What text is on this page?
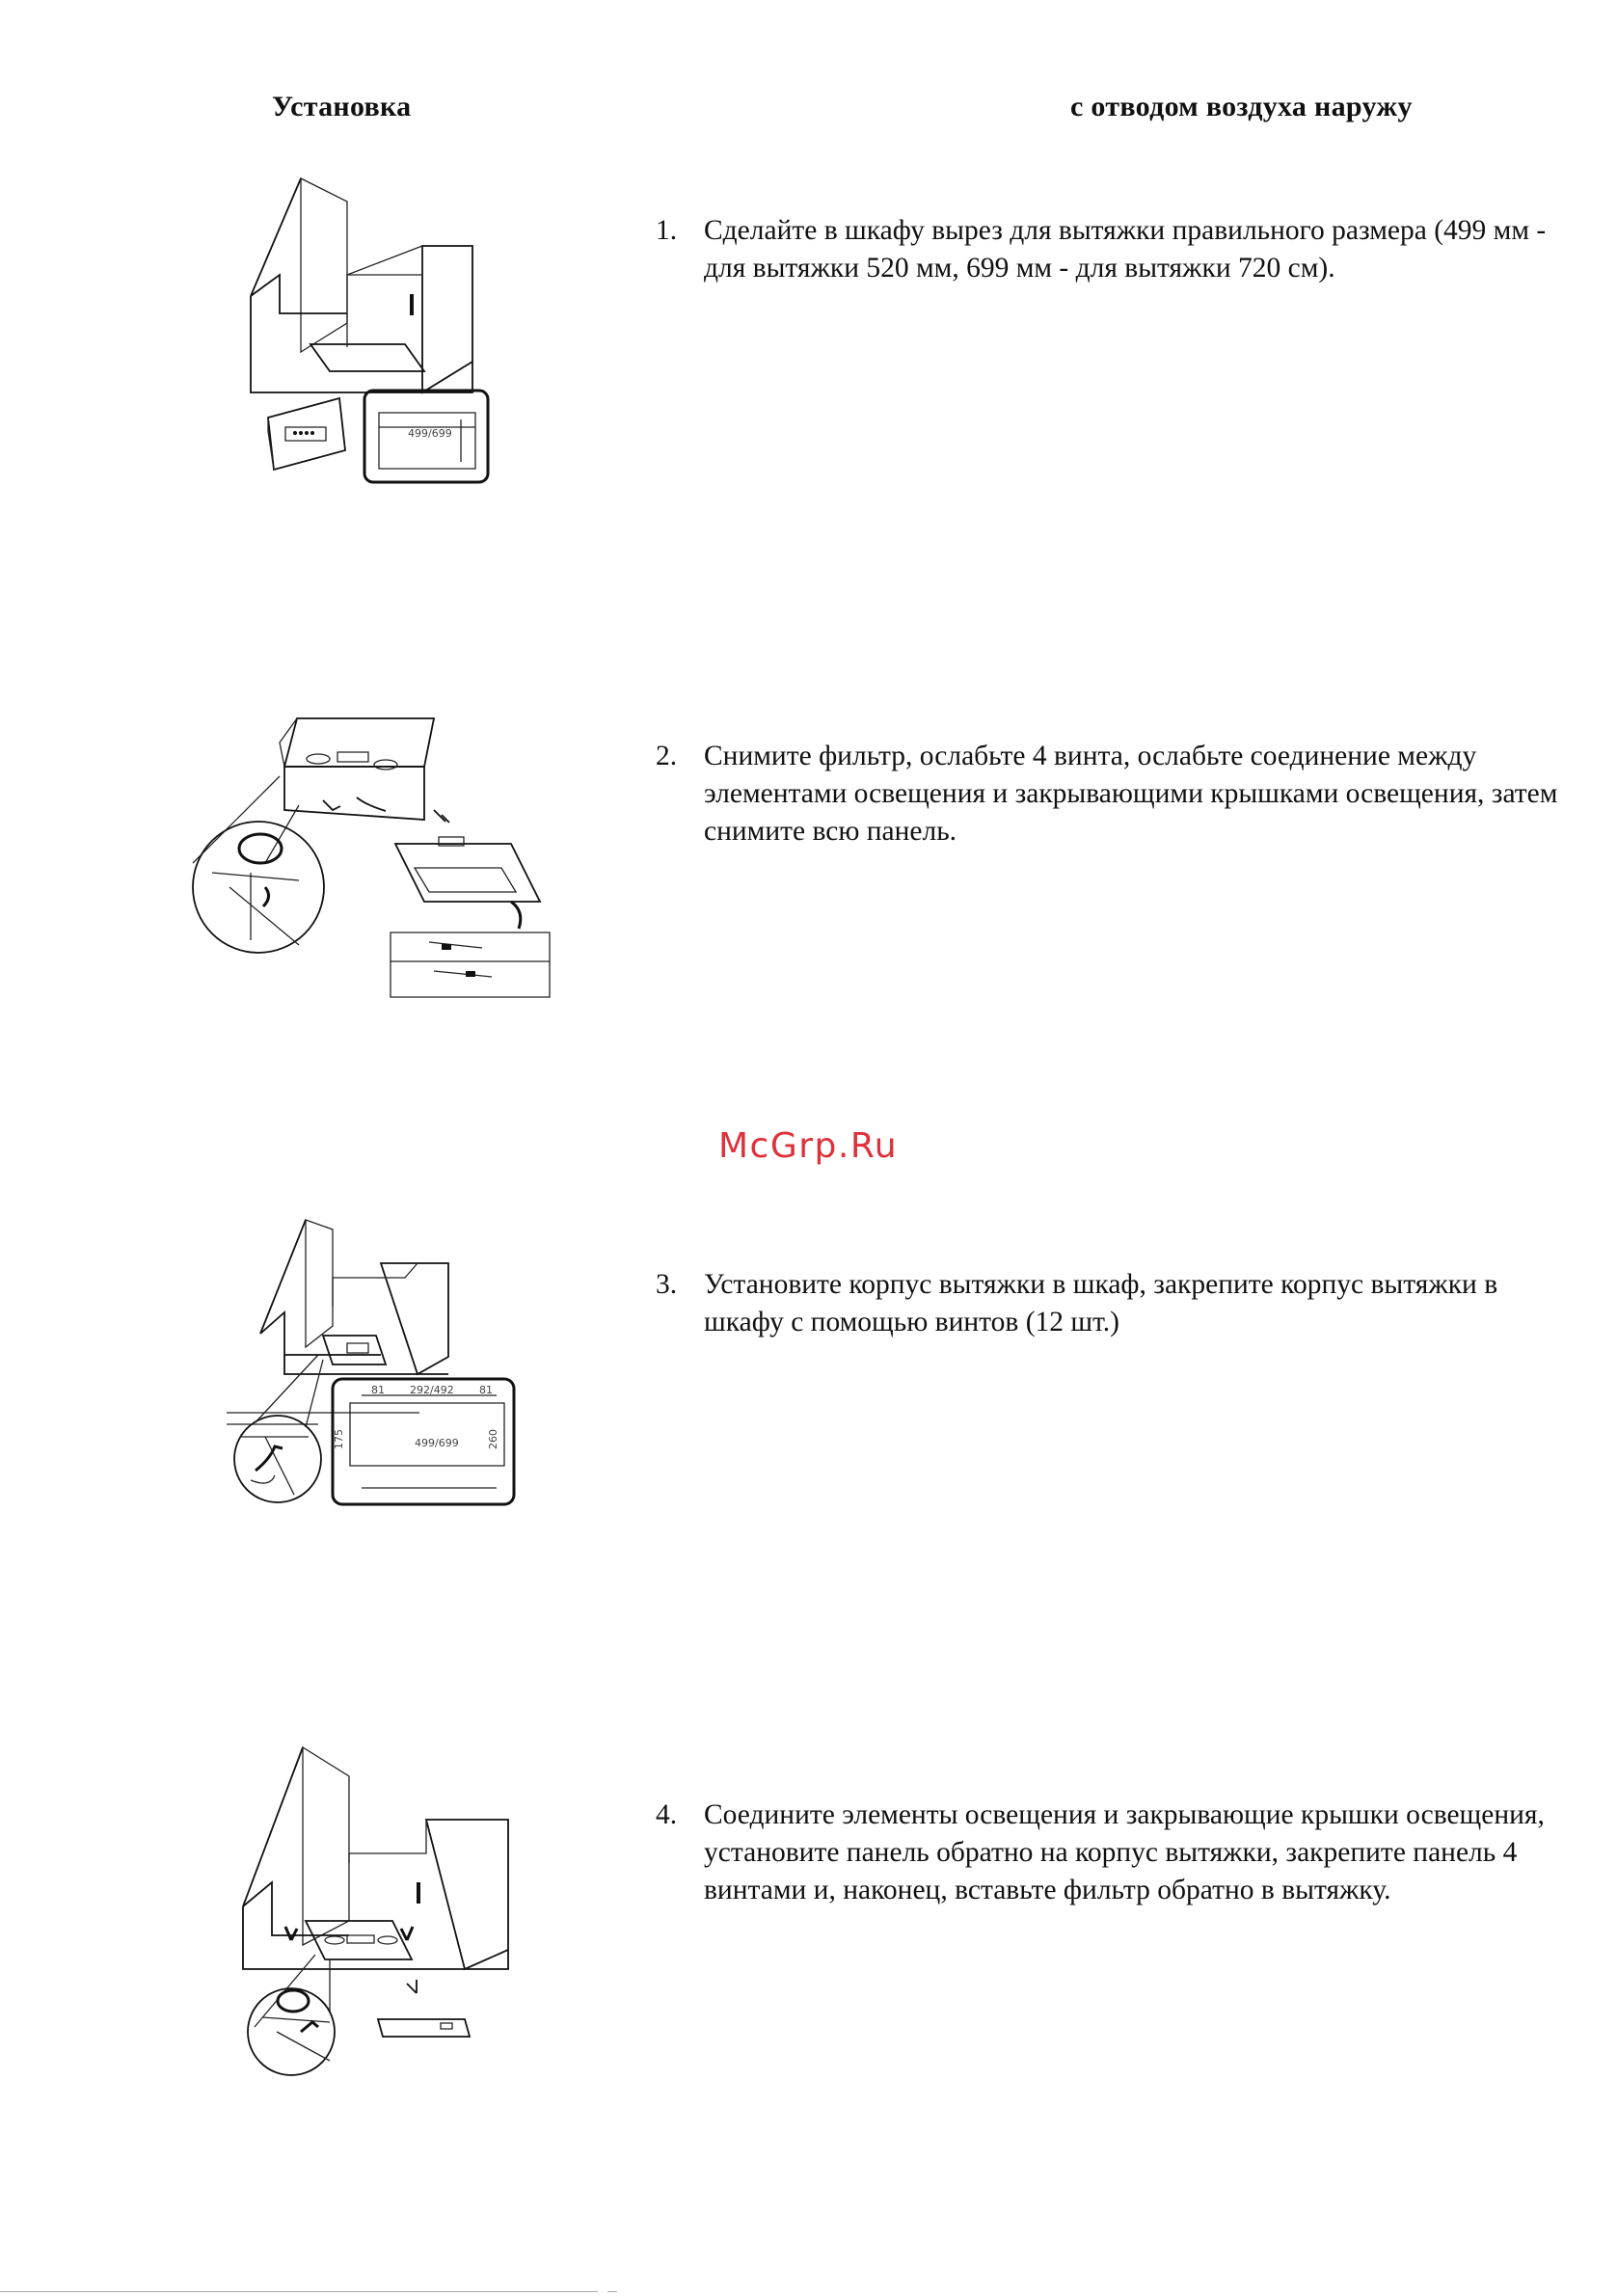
Установка	с отводом воздуха наружу
1. Сделайте в шкафу вырез для вытяжки правильного размера (499 мм - для вытяжки 520 мм, 699 мм - для вытяжки 720 см).
499/699
2. Снимите фильтр, ослабьте 4 винта, ослабьте соединение между элементами освещения и закрывающими крышками освещения, затем снимите всю панель.
McGrp.Ru
3. Установите корпус вытяжки в шкаф, закрепите корпус вытяжки в шкафу с помощью винтов (12 шт.)
81 292/492 81
499/699
175	260
4. Соедините элементы освещения и закрывающие крышки освещения, установите панель обратно на корпус вытяжки, закрепите панель 4 винтами и, наконец, вставьте фильтр обратно в вытяжку.
